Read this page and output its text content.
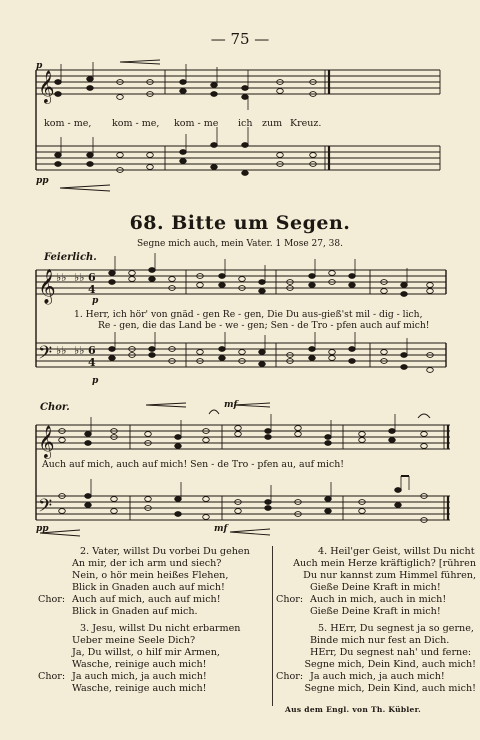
— 75 —
𝄞
𝄞
𝄢
𝄞
𝄢
♭♭ ♭♭
♭♭ ♭♭
6
4
6
4
p
pp
kom - me, kom - me, kom - me ich zum Kreuz.
68. Bitte um Segen.
Segne mich auch, mein Vater. 1 Mose 27, 38.
Feierlich.
p
p
1. Herr, ich hör' von gnäd - gen Re - gen, Die Du aus-gieß'st mil - dig - lich,
Re - gen, die das Land be - we - gen; Sen - de Tro - pfen auch auf mich!
Chor.	mf
mf
pp
Auch auf mich, auch auf mich! Sen - de Tro - pfen au, auf mich!
2. Vater, willst Du vorbei Du gehen
An mir, der ich arm und siech?
Nein, o hör mein heißes Flehen,
Blick in Gnaden auch auf mich!
Chor: Auch auf mich, auch auf mich!
Blick in Gnaden auf mich.
3. Jesu, willst Du nicht erbarmen
Ueber meine Seele Dich?
Ja, Du willst, o hilf mir Armen,
Wasche, reinige auch mich!
Chor: Ja auch mich, ja auch mich!
Wasche, reinige auch mich!
4. Heil'ger Geist, willst Du nicht
Auch mein Herze kräftiglich? [rühren
Du nur kannst zum Himmel führen,
Gieße Deine Kraft in mich!
Chor: Auch in mich, auch in mich!
Gieße Deine Kraft in mich!
5. HErr, Du segnest ja so gerne,
Binde mich nur fest an Dich.
HErr, Du segnest nah' und ferne:
Segne mich, Dein Kind, auch mich!
Chor: Ja auch mich, ja auch mich!
Segne mich, Dein Kind, auch mich!
Aus dem Engl. von Th. Kübler.
